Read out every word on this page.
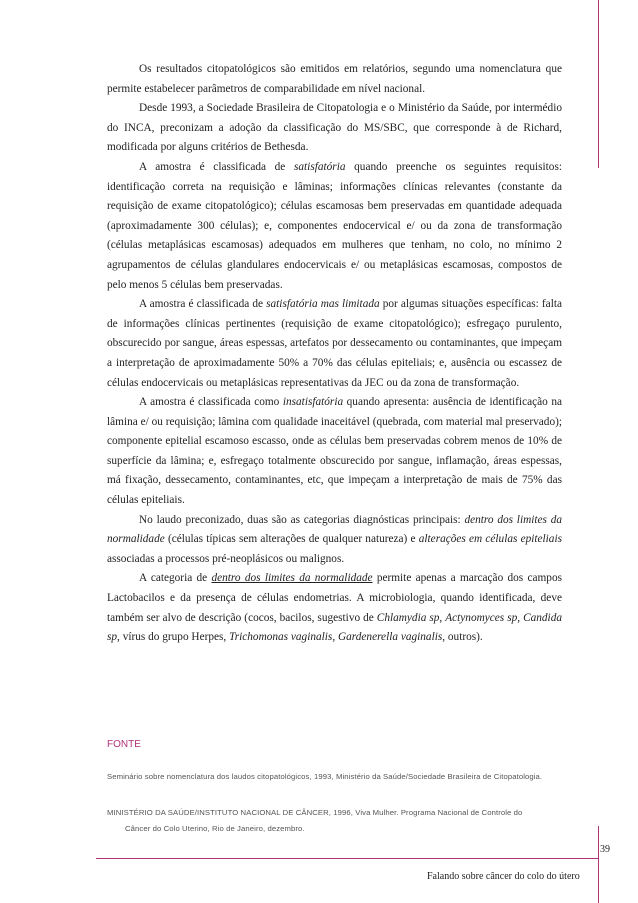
Os resultados citopatológicos são emitidos em relatórios, segundo uma nomenclatura que permite estabelecer parâmetros de comparabilidade em nível nacional.

Desde 1993, a Sociedade Brasileira de Citopatologia e o Ministério da Saúde, por intermédio do INCA, preconizam a adoção da classificação do MS/SBC, que corresponde à de Richard, modificada por alguns critérios de Bethesda.

A amostra é classificada de satisfatória quando preenche os seguintes requisitos: identificação correta na requisição e lâminas; informações clínicas relevantes (constante da requisição de exame citopatológico); células escamosas bem preservadas em quantidade adequada (aproximadamente 300 células); e, componentes endocervical e/ ou da zona de transformação (células metaplásicas escamosas) adequados em mulheres que tenham, no colo, no mínimo 2 agrupamentos de células glandulares endocervicais e/ ou metaplásicas escamosas, compostos de pelo menos 5 células bem preservadas.

A amostra é classificada de satisfatória mas limitada por algumas situações específicas: falta de informações clínicas pertinentes (requisição de exame citopatológico); esfregaço purulento, obscurecido por sangue, áreas espessas, artefatos por dessecamento ou contaminantes, que impeçam a interpretação de aproximadamente 50% a 70% das células epiteliais; e, ausência ou escassez de células endocervicais ou metaplásicas representativas da JEC ou da zona de transformação.

A amostra é classificada como insatisfatória quando apresenta: ausência de identificação na lâmina e/ ou requisição; lâmina com qualidade inaceitável (quebrada, com material mal preservado); componente epitelial escamoso escasso, onde as células bem preservadas cobrem menos de 10% de superfície da lâmina; e, esfregaço totalmente obscurecido por sangue, inflamação, áreas espessas, má fixação, dessecamento, contaminantes, etc, que impeçam a interpretação de mais de 75% das células epiteliais.

No laudo preconizado, duas são as categorias diagnósticas principais: dentro dos limites da normalidade (células típicas sem alterações de qualquer natureza) e alterações em células epiteliais associadas a processos pré-neoplásicos ou malignos.

A categoria de dentro dos limites da normalidade permite apenas a marcação dos campos Lactobacilos e da presença de células endometrias. A microbiologia, quando identificada, deve também ser alvo de descrição (cocos, bacilos, sugestivo de Chlamydia sp, Actynomyces sp, Candida sp, vírus do grupo Herpes, Trichomonas vaginalis, Gardenerella vaginalis, outros).

FONTE
Seminário sobre nomenclatura dos laudos citopatológicos, 1993, Ministério da Saúde/Sociedade Brasileira de Citopatologia.
MINISTÉRIO DA SAÚDE/INSTITUTO NACIONAL DE CÂNCER, 1996, Viva Mulher. Programa Nacional de Controle do
Câncer do Colo Uterino, Rio de Janeiro, dezembro.
39
Falando sobre câncer do colo do útero
